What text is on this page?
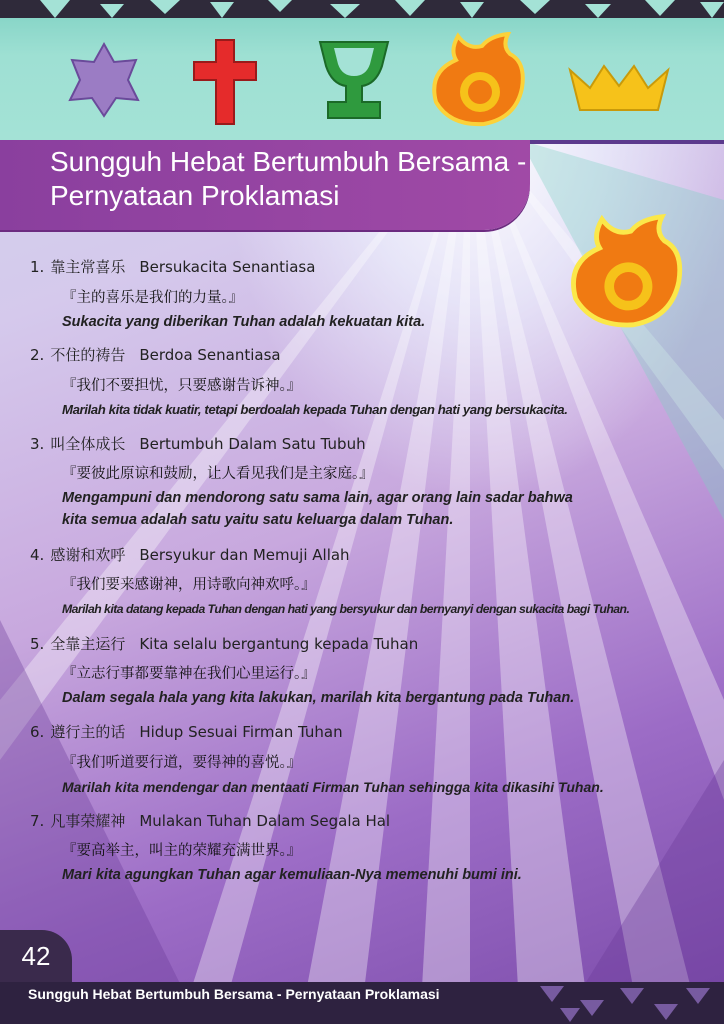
Sungguh Hebat Bertumbuh Bersama -
Pernyataan Proklamasi
1. 靠主常喜乐 Bersukacita Senantiasa
『主的喜乐是我们的力量。』
Sukacita yang diberikan Tuhan adalah kekuatan kita.
2. 不住的祷告 Berdoa Senantiasa
『我们不要担忧，只要感谢告诉神。』
Marilah kita tidak kuatir, tetapi berdoalah kepada Tuhan dengan hati yang bersukacita.
3. 叫全体成长 Bertumbuh Dalam Satu Tubuh
『要彼此原谅和鼓励，让人看见我们是主家庭。』
Mengampuni dan mendorong satu sama lain, agar orang lain sadar bahwa
kita semua adalah satu yaitu satu keluarga dalam Tuhan.
4. 感谢和欢呼 Bersyukur dan Memuji Allah
『我们要来感谢神，用诗歌向神欢呼。』
Marilah kita datang kepada Tuhan dengan hati yang bersyukur dan bernyanyi dengan sukacita bagi Tuhan.
5. 全靠主运行 Kita selalu bergantung kepada Tuhan
『立志行事都要靠神在我们心里运行。』
Dalam segala hala yang kita lakukan, marilah kita bergantung pada Tuhan.
6. 遵行主的话 Hidup Sesuai Firman Tuhan
『我们听道要行道，要得神的喜悦。』
Marilah kita mendengar dan mentaati Firman Tuhan sehingga kita dikasihi Tuhan.
7. 凡事荣耀神 Mulakan Tuhan Dalam Segala Hal
『要高举主，叫主的荣耀充满世界。』
Mari kita agungkan Tuhan agar kemuliaan-Nya memenuhi bumi ini.
42
Sungguh Hebat Bertumbuh Bersama - Pernyataan Proklamasi
